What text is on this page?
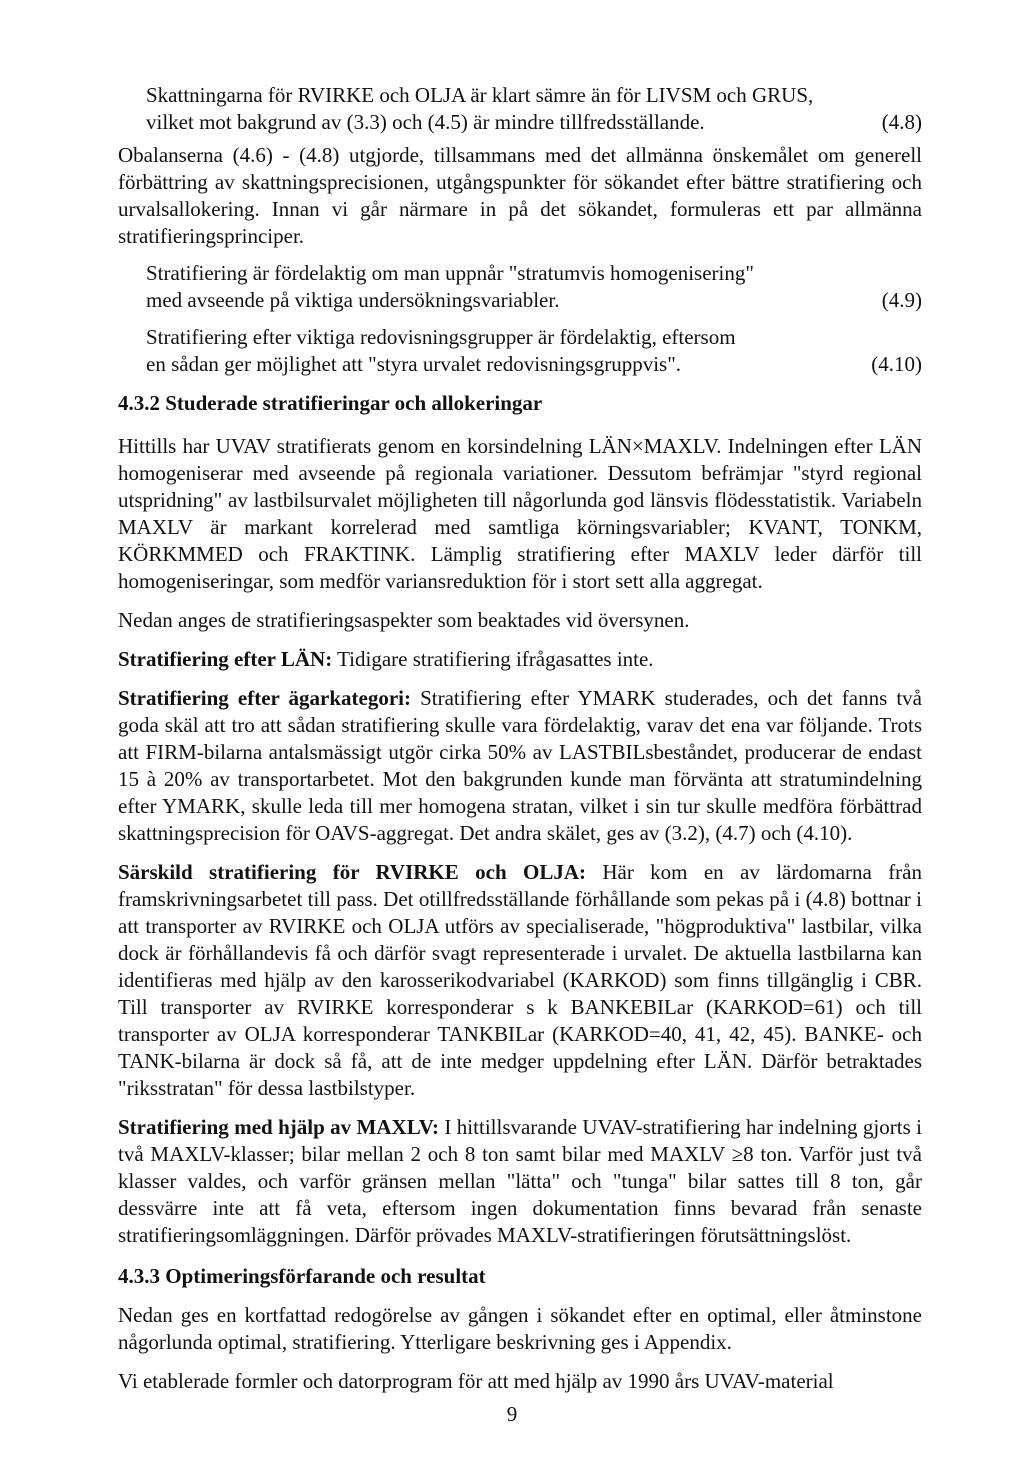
Skattningarna för RVIRKE och OLJA är klart sämre än för LIVSM och GRUS,

vilket mot bakgrund av (3.3) och (4.5) är mindre tillfredsställande.	(4.8)

Obalanserna (4.6) - (4.8) utgjorde, tillsammans med det allmänna önskemålet om generell förbättring av skattningsprecisionen, utgångspunkter för sökandet efter bättre stratifiering och urvalsallokering. Innan vi går närmare in på det sökandet, formuleras ett par allmänna stratifieringsprinciper.

Stratifiering är fördelaktig om man uppnår "stratumvis homogenisering"

med avseende på viktiga undersökningsvariabler.	(4.9)

Stratifiering efter viktiga redovisningsgrupper är fördelaktig, eftersom

en sådan ger möjlighet att "styra urvalet redovisningsgruppvis".	(4.10)

4.3.2 Studerade stratifieringar och allokeringar

Hittills har UVAV stratifierats genom en korsindelning LÄN×MAXLV. Indelningen efter LÄN homogeniserar med avseende på regionala variationer. Dessutom befrämjar "styrd regional utspridning" av lastbilsurvalet möjligheten till någorlunda god länsvis flödesstatistik. Variabeln MAXLV är markant korrelerad med samtliga körningsvariabler; KVANT, TONKM, KÖRKMMED och FRAKTINK. Lämplig stratifiering efter MAXLV leder därför till homogeniseringar, som medför variansreduktion för i stort sett alla aggregat.

Nedan anges de stratifieringsaspekter som beaktades vid översynen.

Stratifiering efter LÄN: Tidigare stratifiering ifrågasattes inte.

Stratifiering efter ägarkategori: Stratifiering efter YMARK studerades, och det fanns två goda skäl att tro att sådan stratifiering skulle vara fördelaktig, varav det ena var följande. Trots att FIRM-bilarna antalsmässigt utgör cirka 50% av LASTBILsbeståndet, producerar de endast 15 à 20% av transportarbetet. Mot den bakgrunden kunde man förvänta att stratumindelning efter YMARK, skulle leda till mer homogena stratan, vilket i sin tur skulle medföra förbättrad skattningsprecision för OAVS-aggregat. Det andra skälet, ges av (3.2), (4.7) och (4.10).

Särskild stratifiering för RVIRKE och OLJA: Här kom en av lärdomarna från framskrivningsarbetet till pass. Det otillfredsställande förhållande som pekas på i (4.8) bottnar i att transporter av RVIRKE och OLJA utförs av specialiserade, "högproduktiva" lastbilar, vilka dock är förhållandevis få och därför svagt representerade i urvalet. De aktuella lastbilarna kan identifieras med hjälp av den karosserikodvariabel (KARKOD) som finns tillgänglig i CBR. Till transporter av RVIRKE korresponderar s k BANKEBILar (KARKOD=61) och till transporter av OLJA korresponderar TANKBILar (KARKOD=40, 41, 42, 45). BANKE- och TANK-bilarna är dock så få, att de inte medger uppdelning efter LÄN. Därför betraktades "riksstratan" för dessa lastbilstyper.

Stratifiering med hjälp av MAXLV: I hittillsvarande UVAV-stratifiering har indelning gjorts i två MAXLV-klasser; bilar mellan 2 och 8 ton samt bilar med MAXLV ≥8 ton. Varför just två klasser valdes, och varför gränsen mellan "lätta" och "tunga" bilar sattes till 8 ton, går dessvärre inte att få veta, eftersom ingen dokumentation finns bevarad från senaste stratifieringsomläggningen. Därför prövades MAXLV-stratifieringen förutsättningslöst.

4.3.3 Optimeringsförfarande och resultat

Nedan ges en kortfattad redogörelse av gången i sökandet efter en optimal, eller åtminstone någorlunda optimal, stratifiering. Ytterligare beskrivning ges i Appendix.

Vi etablerade formler och datorprogram för att med hjälp av 1990 års UVAV-material

9
